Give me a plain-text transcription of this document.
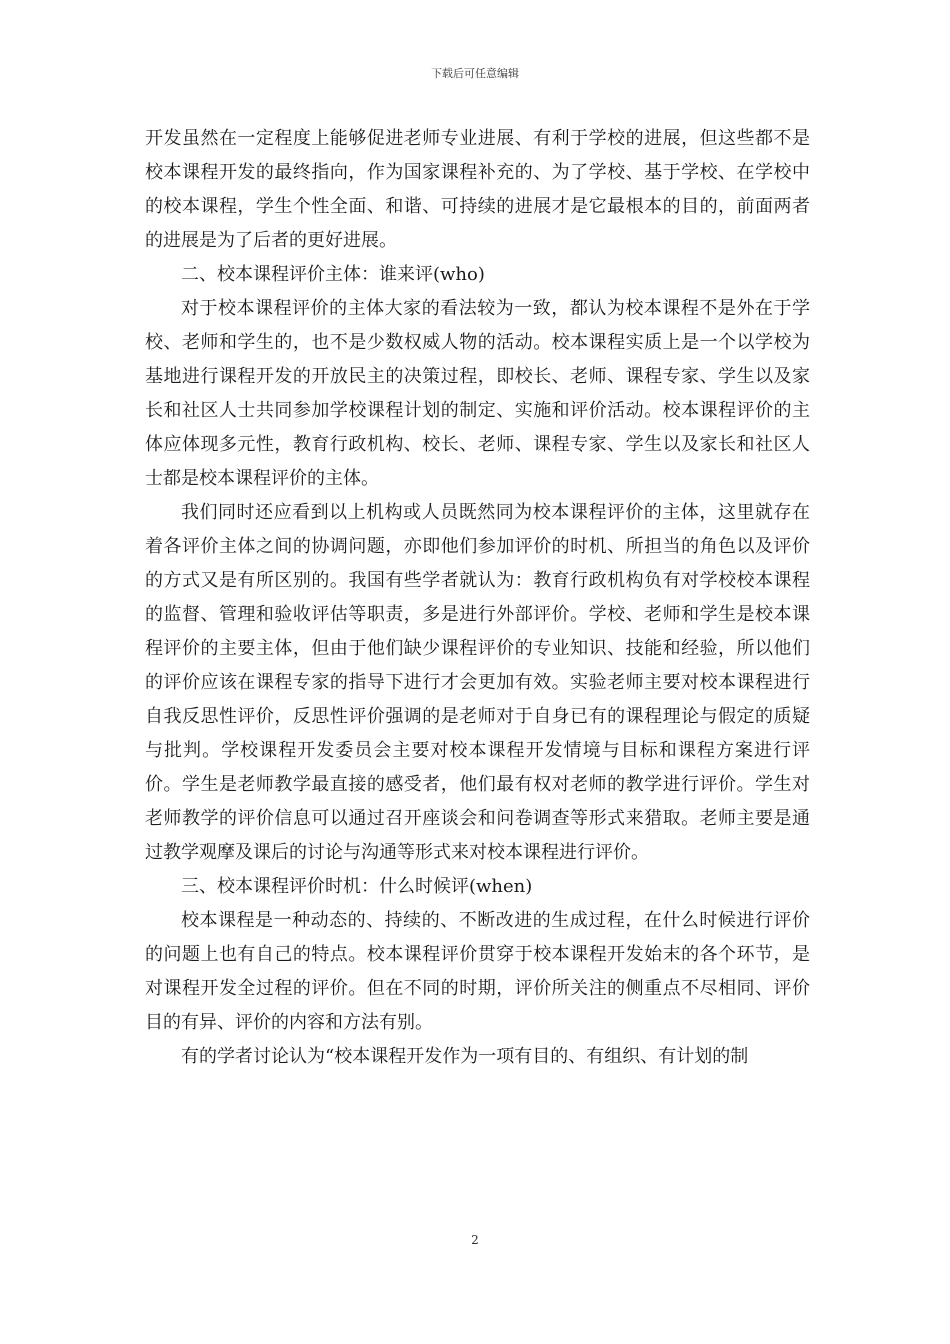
下载后可任意编辑

开发虽然在一定程度上能够促进老师专业进展、有利于学校的进展，但这些都不是校本课程开发的最终指向，作为国家课程补充的、为了学校、基于学校、在学校中的校本课程，学生个性全面、和谐、可持续的进展才是它最根本的目的，前面两者的进展是为了后者的更好进展。

二、校本课程评价主体：谁来评(who)

对于校本课程评价的主体大家的看法较为一致，都认为校本课程不是外在于学校、老师和学生的，也不是少数权威人物的活动。校本课程实质上是一个以学校为基地进行课程开发的开放民主的决策过程，即校长、老师、课程专家、学生以及家长和社区人士共同参加学校课程计划的制定、实施和评价活动。校本课程评价的主体应体现多元性，教育行政机构、校长、老师、课程专家、学生以及家长和社区人士都是校本课程评价的主体。

我们同时还应看到以上机构或人员既然同为校本课程评价的主体，这里就存在着各评价主体之间的协调问题，亦即他们参加评价的时机、所担当的角色以及评价的方式又是有所区别的。我国有些学者就认为：教育行政机构负有对学校校本课程的监督、管理和验收评估等职责，多是进行外部评价。学校、老师和学生是校本课程评价的主要主体，但由于他们缺少课程评价的专业知识、技能和经验，所以他们的评价应该在课程专家的指导下进行才会更加有效。实验老师主要对校本课程进行自我反思性评价，反思性评价强调的是老师对于自身已有的课程理论与假定的质疑与批判。学校课程开发委员会主要对校本课程开发情境与目标和课程方案进行评价。学生是老师教学最直接的感受者，他们最有权对老师的教学进行评价。学生对老师教学的评价信息可以通过召开座谈会和问卷调查等形式来猎取。老师主要是通过教学观摩及课后的讨论与沟通等形式来对校本课程进行评价。

三、校本课程评价时机：什么时候评(when)

校本课程是一种动态的、持续的、不断改进的生成过程，在什么时候进行评价的问题上也有自己的特点。校本课程评价贯穿于校本课程开发始末的各个环节，是对课程开发全过程的评价。但在不同的时期，评价所关注的侧重点不尽相同、评价目的有异、评价的内容和方法有别。

有的学者讨论认为“校本课程开发作为一项有目的、有组织、有计划的制

2
